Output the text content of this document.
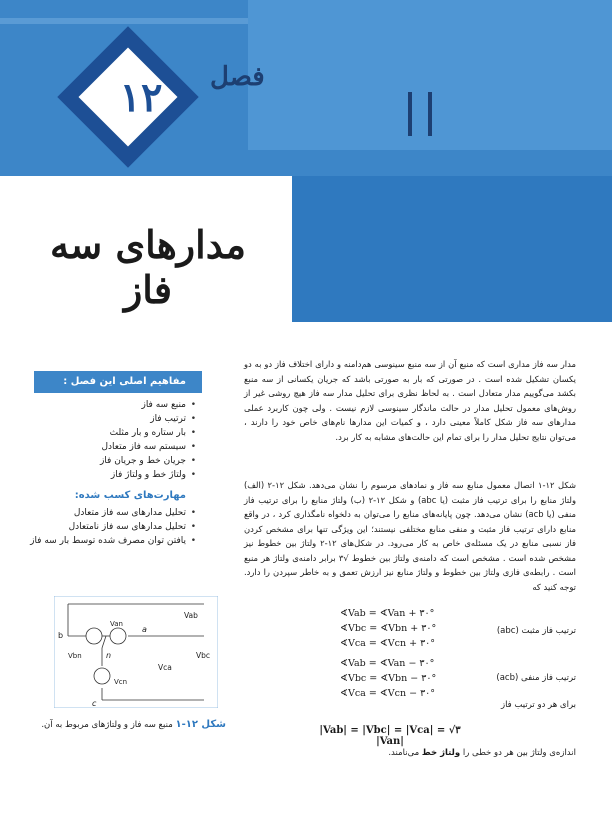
۱۲	فصل
مدارهای سه فاز
مفاهیم اصلی این فصل :
• منبع سه فاز
• ترتیب فاز
• بار ستاره و بار مثلث
• سیستم سه فاز متعادل
• جریان خط و جریان فاز
• ولتاژ خط و ولتاژ فاز
مهارت‌های کسب شده:
• تحلیل مدارهای سه فاز متعادل
• تحلیل مدارهای سه فاز نامتعادل
• یافتن توان مصرف شده توسط بار سه فاز
b
a
n
c
Vab
Vbc
Vca
Van
Vbn
Vcn
شکل ۱۲-۱ منبع سه فاز و ولتاژهای مربوط به آن.

مدار سه فاز مداری است که منبع آن از سه منبع سینوسی هم‌دامنه و دارای اختلاف فاز دو به دو یکسان تشکیل شده است . در صورتی که بار به صورتی باشد که جریان یکسانی از سه منبع بکشد می‌گوییم مدار متعادل است . به لحاظ نظری برای تحلیل مدار سه فاز هیچ روشی غیر از روش‌های معمول تحلیل مدار در حالت ماندگار سینوسی لازم نیست . ولی چون کاربرد عملی مدارهای سه فاز شکل کاملاً معینی دارد ، و کمیات این مدارها نام‌های خاص خود را دارند ، می‌توان نتایج تحلیل مدار را برای تمام این حالت‌های مشابه به کار برد.

شکل ۱۲-۱ اتصال معمول منابع سه فاز و نمادهای مرسوم را نشان می‌دهد. شکل ۱۲-۲ (الف) ولتاژ منابع را برای ترتیب فاز مثبت (یا abc) و شکل ۱۲-۲ (ب) ولتاژ منابع را برای ترتیب فاز منفی (یا acb) نشان می‌دهد. چون پایانه‌های منابع را می‌توان به دلخواه نامگذاری کرد ، در واقع منابع دارای ترتیب فاز مثبت و منفی منابع مختلفی نیستند؛ این ویژگی تنها برای مشخص کردن فاز نسبی منابع در یک مسئله‌ی خاص به کار می‌رود. در شکل‌های ۱۲-۲ ولتاژ بین خطوط نیز مشخص شده است . مشخص است که دامنه‌ی ولتاژ بین خطوط √۳ برابر دامنه‌ی ولتاژ هر منبع است . رابطه‌ی فازی ولتاژ بین خطوط و ولتاژ منابع نیز ارزش تعمق و به خاطر سپردن را دارد. توجه کنید که

ترتیب فاز مثبت (abc)
∢Vab = ∢Van + ۳۰°
∢Vbc = ∢Vbn + ۳۰°
∢Vca = ∢Vcn + ۳۰°
ترتیب فاز منفی (acb)
∢Vab = ∢Van − ۳۰°
∢Vbc = ∢Vbn − ۳۰°
∢Vca = ∢Vcn − ۳۰°
برای هر دو ترتیب فاز
|Vab| = |Vbc| = |Vca| = √۳ |Van|
اندازه‌ی ولتاژ بین هر دو خطی را ولتاژ خط می‌نامند.
